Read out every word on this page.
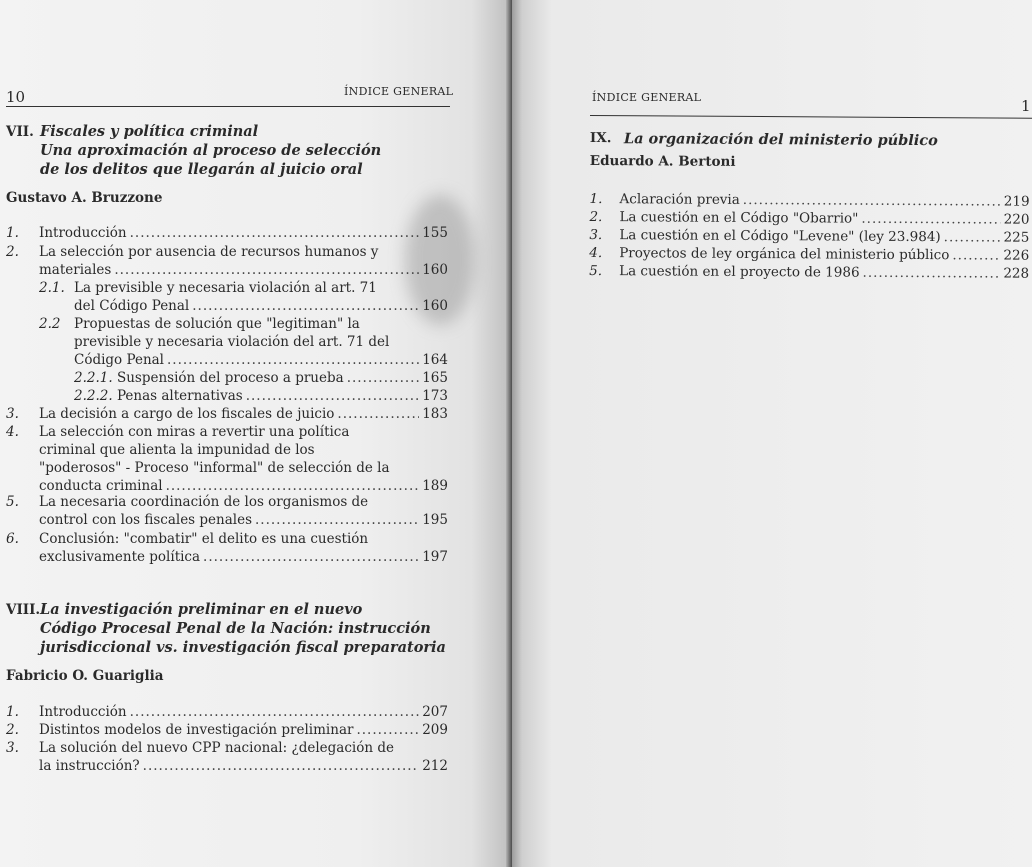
10	ÍNDICE GENERAL
VII. Fiscales y política criminal
Una aproximación al proceso de selección
de los delitos que llegarán al juicio oral
Gustavo A. Bruzzone
1. Introducción .....	155
2. La selección por ausencia de recursos humanos y
materiales .....	160
2.1. La previsible y necesaria violación al art. 71
del Código Penal .....	160
2.2 Propuestas de solución que "legitiman" la
previsible y necesaria violación del art. 71 del
Código Penal .....	164
2.2.1.
Suspensión del proceso a prueba .....	165
2.2.2.
Penas alternativas .....	173
3. La decisión a cargo de los fiscales de juicio .....	183
4. La selección con miras a revertir una política
criminal que alienta la impunidad de los
"poderosos" - Proceso "informal" de selección de la
conducta criminal .....	189
5. La necesaria coordinación de los organismos de
control con los fiscales penales .....	195
6. Conclusión: "combatir" el delito es una cuestión
exclusivamente política .....	197
VIII. La investigación preliminar en el nuevo
Código Procesal Penal de la Nación: instrucción
jurisdiccional vs. investigación fiscal preparatoria
Fabricio O. Guariglia
1. Introducción .....	207
2. Distintos modelos de investigación preliminar .....	209
3. La solución del nuevo CPP nacional: ¿delegación de
la instrucción? .....	212
ÍNDICE GENERAL	1
IX. La organización del ministerio público
Eduardo A. Bertoni
1. Aclaración previa .....	219
2. La cuestión en el Código "Obarrio" .....	220
3. La cuestión en el Código "Levene" (ley 23.984) .....	225
4. Proyectos de ley orgánica del ministerio público .....	226
5. La cuestión en el proyecto de 1986 .....	228
